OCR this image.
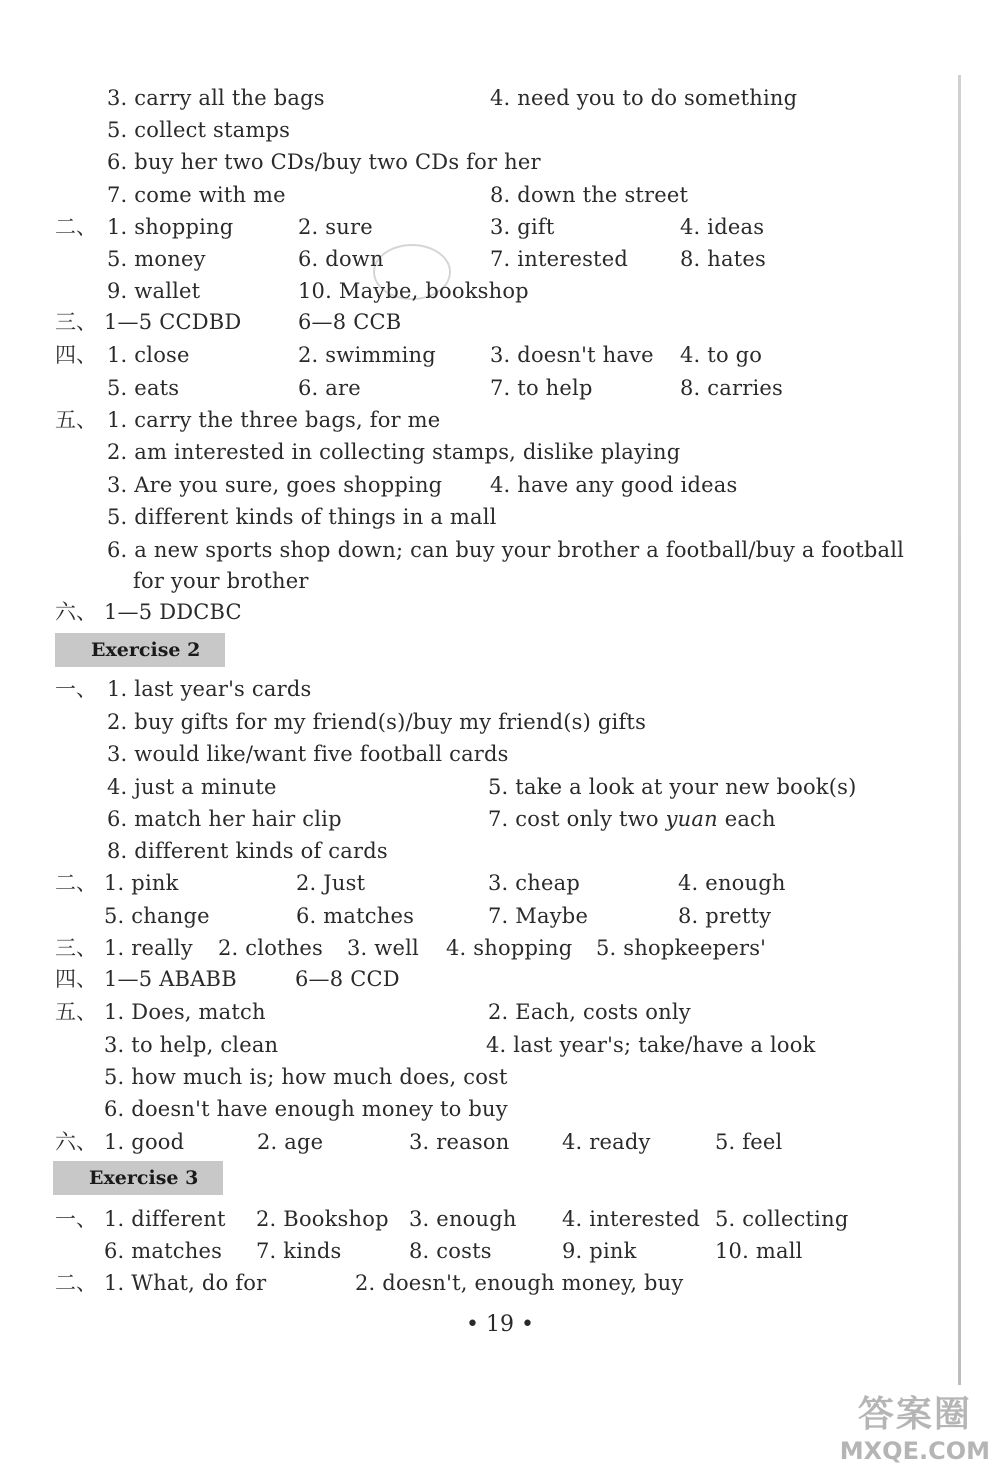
3. carry all the bags	4. need you to do something
5. collect stamps
6. buy her two CDs/buy two CDs for her
7. come with me	8. down the street
二、 1. shopping	2. sure	3. gift	4. ideas
5. money	6. down	7. interested 8. hates
9. wallet	10. Maybe, bookshop
三、 1—5 CCDBD	6—8 CCB
四、 1. close	2. swimming	3. doesn't have 4. to go
5. eats	6. are	7. to help	8. carries
五、 1. carry the three bags, for me
2. am interested in collecting stamps, dislike playing
3. Are you sure, goes shopping 4. have any good ideas
5. different kinds of things in a mall
6. a new sports shop down; can buy your brother a football/buy a football
for your brother
六、 1—5 DDCBC
Exercise 2
一、 1. last year's cards
2. buy gifts for my friend(s)/buy my friend(s) gifts
3. would like/want five football cards
4. just a minute	5. take a look at your new book(s)
6. match her hair clip	7. cost only two yuan each
8. different kinds of cards
二、 1. pink	2. Just	3. cheap	4. enough
5. change	6. matches	7. Maybe	8. pretty
三、 1. really 2. clothes 3. well 4. shopping 5. shopkeepers'
四、 1—5 ABABB	6—8 CCD
五、 1. Does, match	2. Each, costs only
3. to help, clean	4. last year's; take/have a look
5. how much is; how much does, cost
6. doesn't have enough money to buy
六、 1. good	2. age	3. reason	4. ready	5. feel
Exercise 3
一、 1. different 2. Bookshop 3. enough 4. interested 5. collecting
6. matches 7. kinds	8. costs	9. pink	10. mall
二、 1. What, do for	2. doesn't, enough money, buy
• 19 •
答案圈
MXQE.COM
